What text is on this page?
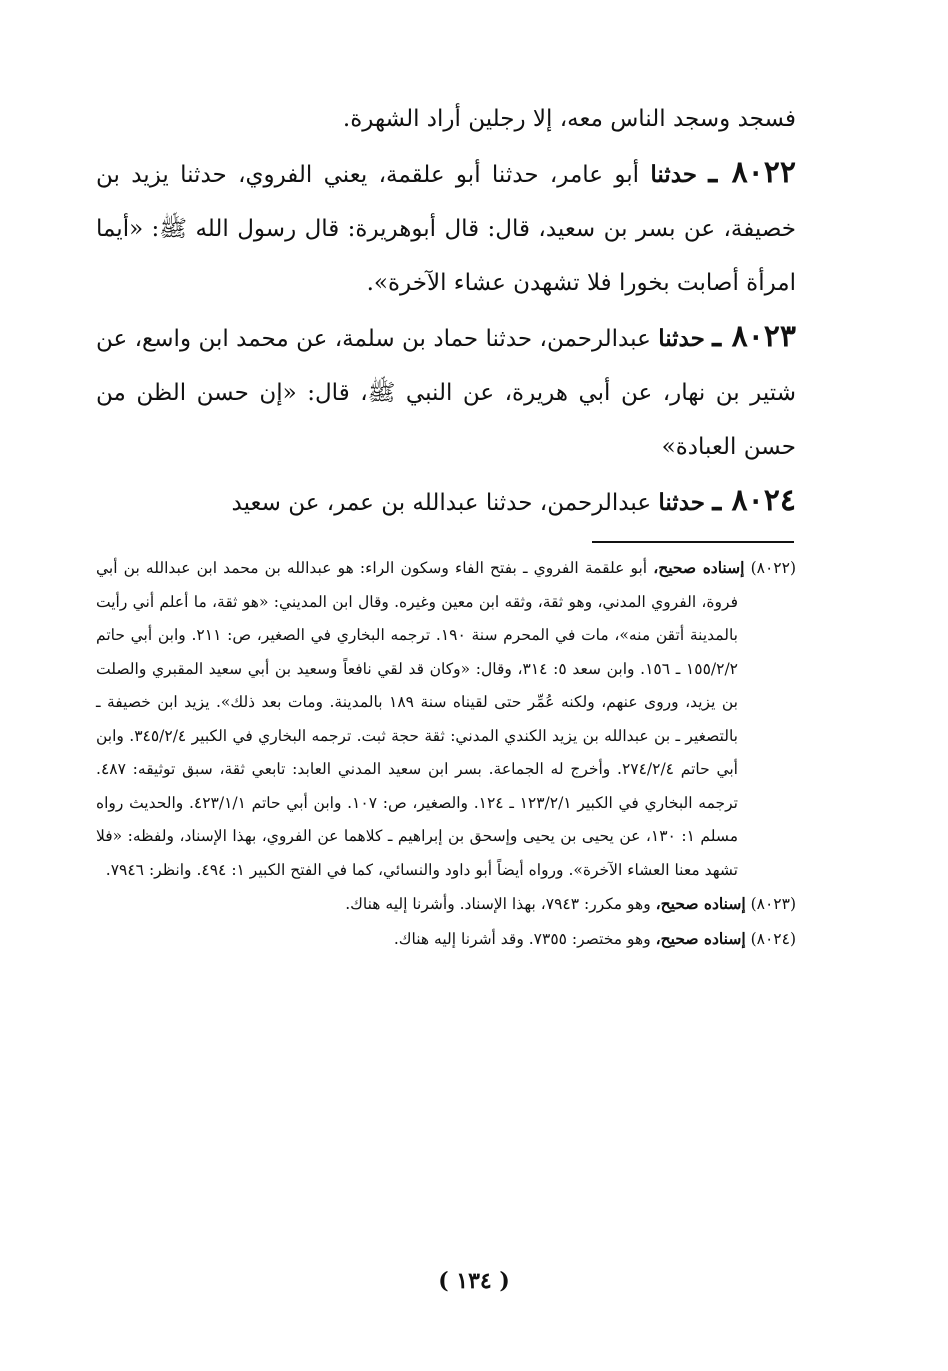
فسجد وسجد الناس معه، إلا رجلين أراد الشهرة.

٨٠٢٢ ـ حدثنا أبو عامر، حدثنا أبو علقمة، يعني الفروي، حدثنا يزيد بن خصيفة، عن بسر بن سعيد، قال: قال أبوهريرة: قال رسول الله ﷺ: «أيما امرأة أصابت بخورا فلا تشهدن عشاء الآخرة».

٨٠٢٣ ـ حدثنا عبدالرحمن، حدثنا حماد بن سلمة، عن محمد ابن واسع، عن شتير بن نهار، عن أبي هريرة، عن النبي ﷺ، قال: «إن حسن الظن من حسن العبادة»

٨٠٢٤ ـ حدثنا عبدالرحمن، حدثنا عبدالله بن عمر، عن سعيد

(٨٠٢٢) إسناده صحيح، أبو علقمة الفروي ـ بفتح الفاء وسكون الراء: هو عبدالله بن محمد ابن عبدالله بن أبي فروة، الفروي المدني، وهو ثقة، وثقه ابن معين وغيره. وقال ابن المديني: «هو ثقة، ما أعلم أني رأيت بالمدينة أتقن منه»، مات في المحرم سنة ١٩٠. ترجمه البخاري في الصغير، ص: ٢١١. وابن أبي حاتم ١٥٥/٢/٢ ـ ١٥٦. وابن سعد ٥: ٣١٤، وقال: «وكان قد لقي نافعاً وسعيد بن أبي سعيد المقبري والصلت بن يزيد، وروى عنهم، ولكنه عُمِّر حتى لقيناه سنة ١٨٩ بالمدينة. ومات بعد ذلك». يزيد ابن خصيفة ـ بالتصغير ـ بن عبدالله بن يزيد الكندي المدني: ثقة حجة ثبت. ترجمه البخاري في الكبير ٣٤٥/٢/٤. وابن أبي حاتم ٢٧٤/٢/٤. وأخرج له الجماعة. بسر ابن سعيد المدني العابد: تابعي ثقة، سبق توثيقه: ٤٨٧. ترجمه البخاري في الكبير ١٢٣/٢/١ ـ ١٢٤. والصغير، ص: ١٠٧. وابن أبي حاتم ٤٢٣/١/١. والحديث رواه مسلم ١: ١٣٠، عن يحيى بن يحيى وإسحق بن إبراهيم ـ كلاهما عن الفروي، بهذا الإسناد، ولفظه: «فلا تشهد معنا العشاء الآخرة». ورواه أيضاً أبو داود والنسائي، كما في الفتح الكبير ١: ٤٩٤. وانظر: ٧٩٤٦.

(٨٠٢٣) إسناده صحيح، وهو مكرر: ٧٩٤٣، بهذا الإسناد. وأشرنا إليه هناك.

(٨٠٢٤) إسناده صحيح، وهو مختصر: ٧٣٥٥. وقد أشرنا إليه هناك.

( ١٣٤ )
